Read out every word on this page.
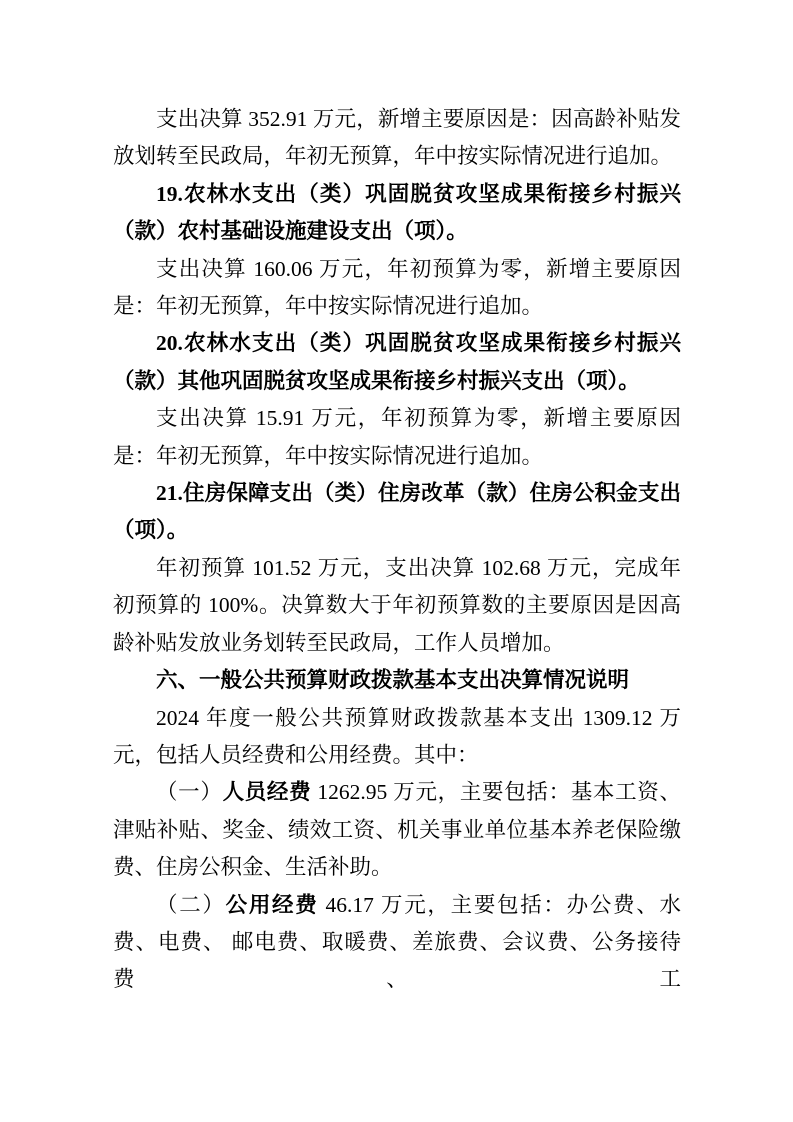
支出决算 352.91 万元，新增主要原因是：因高龄补贴发放划转至民政局，年初无预算，年中按实际情况进行追加。

19.农林水支出（类）巩固脱贫攻坚成果衔接乡村振兴（款）农村基础设施建设支出（项）。

支出决算 160.06 万元，年初预算为零，新增主要原因是：年初无预算，年中按实际情况进行追加。

20.农林水支出（类）巩固脱贫攻坚成果衔接乡村振兴（款）其他巩固脱贫攻坚成果衔接乡村振兴支出（项）。

支出决算 15.91 万元，年初预算为零，新增主要原因是：年初无预算，年中按实际情况进行追加。

21.住房保障支出（类）住房改革（款）住房公积金支出（项）。

年初预算 101.52 万元，支出决算 102.68 万元，完成年初预算的 100%。决算数大于年初预算数的主要原因是因高龄补贴发放业务划转至民政局，工作人员增加。

六、一般公共预算财政拨款基本支出决算情况说明

2024 年度一般公共预算财政拨款基本支出 1309.12 万元，包括人员经费和公用经费。其中：

（一）人员经费 1262.95 万元，主要包括：基本工资、津贴补贴、奖金、绩效工资、机关事业单位基本养老保险缴费、住房公积金、生活补助。

（二）公用经费 46.17 万元，主要包括：办公费、水费、电费、 邮电费、取暖费、差旅费、会议费、公务接待费、工
